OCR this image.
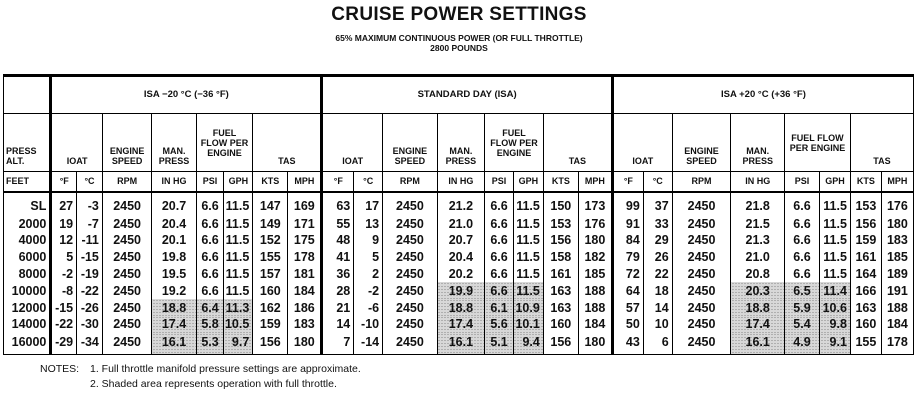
CRUISE POWER SETTINGS
65% MAXIMUM CONTINUOUS POWER (OR FULL THROTTLE)
2800 POUNDS
	ISA −20 °C (−36 °F)								STANDARD DAY (ISA)								ISA +20 °C (+36 °F)							
PRESS ALT.	IOAT		ENGINE SPEED	MAN. PRESS	FUEL FLOW PER ENGINE		TAS		IOAT		ENGINE SPEED	MAN. PRESS	FUEL FLOW PER ENGINE		TAS		IOAT		ENGINE SPEED	MAN. PRESS	FUEL FLOW PER ENGINE		TAS	
FEET	°F	°C	RPM	IN HG	PSI	GPH	KTS	MPH	°F	°C	RPM	IN HG	PSI	GPH	KTS	MPH	°F	°C	RPM	IN HG	PSI	GPH	KTS	MPH
SL	27	-3	2450	20.7	6.6	11.5	147	169	63	17	2450	21.2	6.6	11.5	150	173	99	37	2450	21.8	6.6	11.5	153	176
2000	19	-7	2450	20.4	6.6	11.5	149	171	55	13	2450	21.0	6.6	11.5	153	176	91	33	2450	21.5	6.6	11.5	156	180
4000	12	-11	2450	20.1	6.6	11.5	152	175	48	9	2450	20.7	6.6	11.5	156	180	84	29	2450	21.3	6.6	11.5	159	183
6000	5	-15	2450	19.8	6.6	11.5	155	178	41	5	2450	20.4	6.6	11.5	158	182	79	26	2450	21.0	6.6	11.5	161	185
8000	-2	-19	2450	19.5	6.6	11.5	157	181	36	2	2450	20.2	6.6	11.5	161	185	72	22	2450	20.8	6.6	11.5	164	189
10000	-8	-22	2450	19.2	6.6	11.5	160	184	28	-2	2450	19.9	6.6	11.5	163	188	64	18	2450	20.3	6.5	11.4	166	191
12000	-15	-26	2450	18.8	6.4	11.3	162	186	21	-6	2450	18.8	6.1	10.9	163	188	57	14	2450	18.8	5.9	10.6	163	188
14000	-22	-30	2450	17.4	5.8	10.5	159	183	14	-10	2450	17.4	5.6	10.1	160	184	50	10	2450	17.4	5.4	9.8	160	184
16000	-29	-34	2450	16.1	5.3	9.7	156	180	7	-14	2450	16.1	5.1	9.4	156	180	43	6	2450	16.1	4.9	9.1	155	178
NOTES:	1. Full throttle manifold pressure settings are approximate.
2. Shaded area represents operation with full throttle.
